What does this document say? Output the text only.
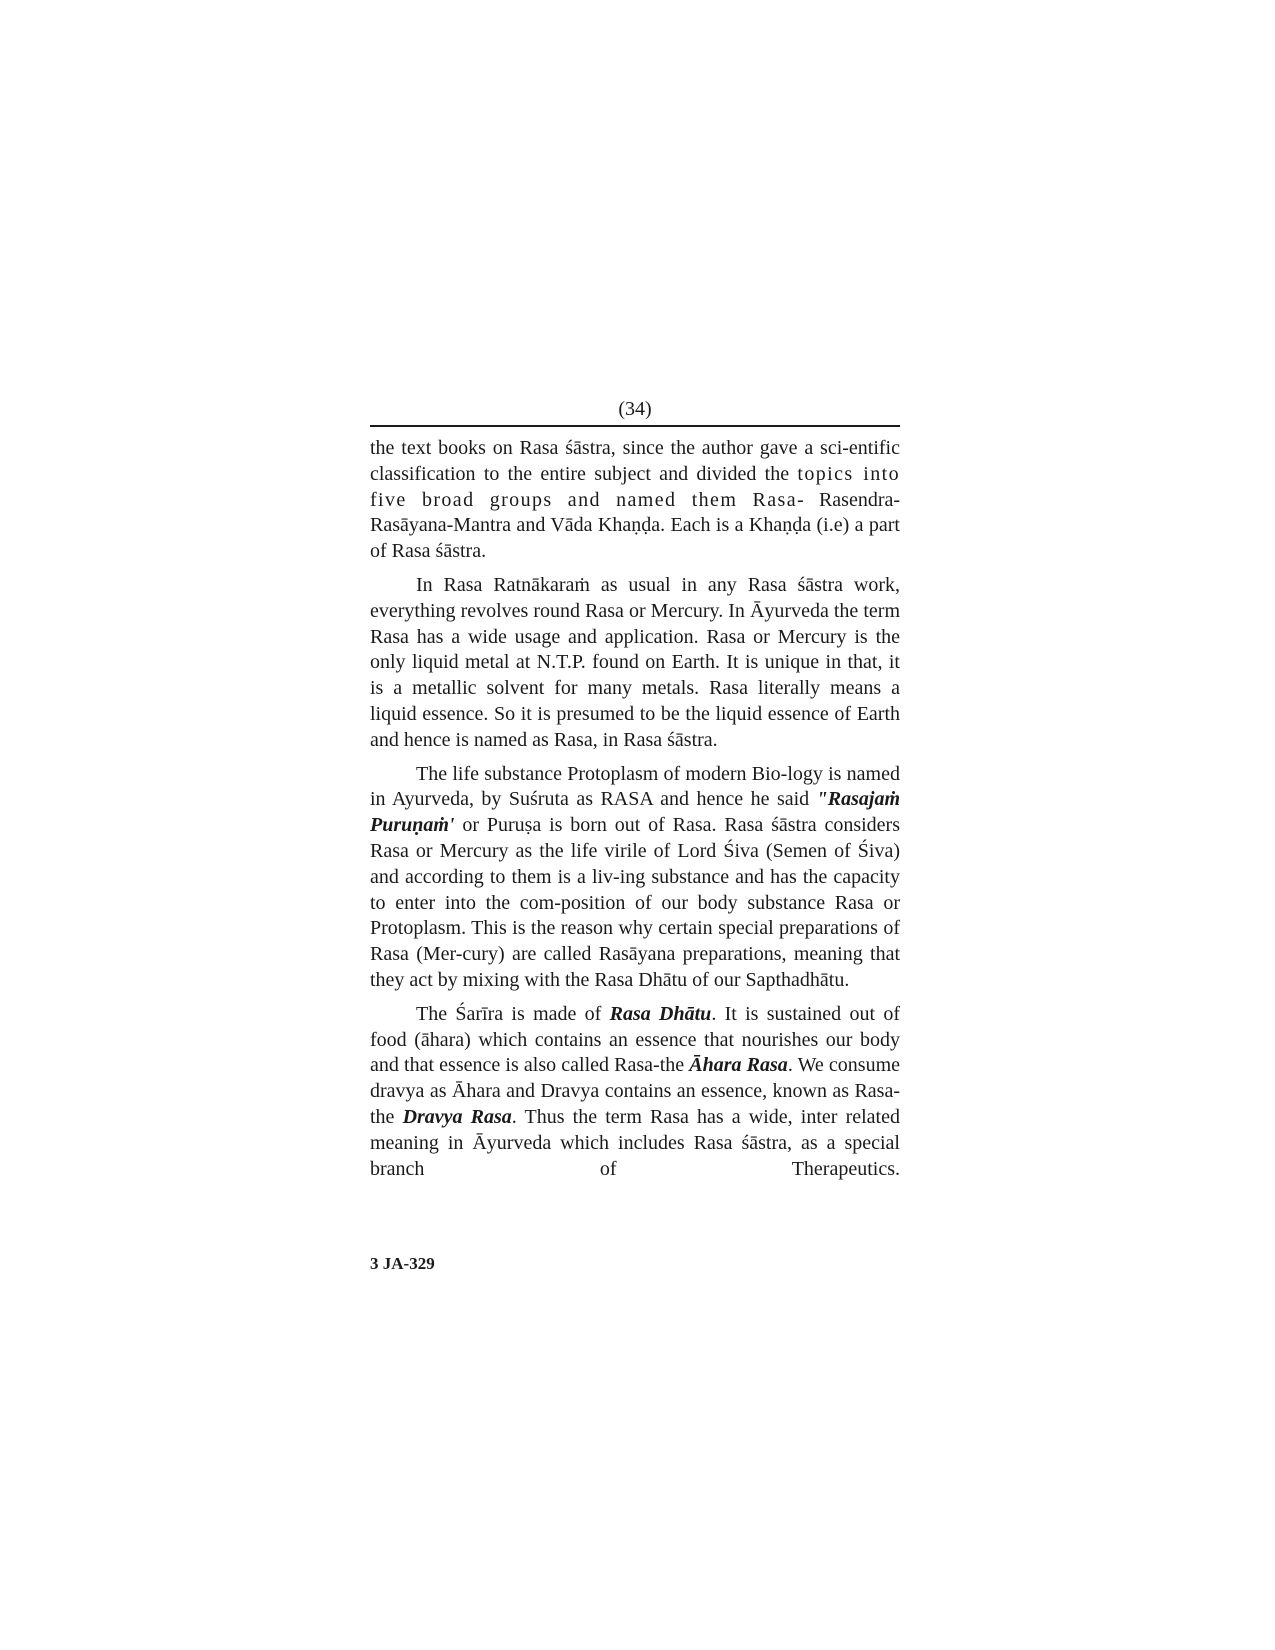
(34)

the text books on Rasa śāstra, since the author gave a sci-entific classification to the entire subject and divided the topics into five broad groups and named them Rasa- Rasendra-Rasāyana-Mantra and Vāda Khaṇḍa. Each is a Khaṇḍa (i.e) a part of Rasa śāstra.

In Rasa Ratnākaraṁ as usual in any Rasa śāstra work, everything revolves round Rasa or Mercury. In Āyurveda the term Rasa has a wide usage and application. Rasa or Mercury is the only liquid metal at N.T.P. found on Earth. It is unique in that, it is a metallic solvent for many metals. Rasa literally means a liquid essence. So it is presumed to be the liquid essence of Earth and hence is named as Rasa, in Rasa śāstra.

The life substance Protoplasm of modern Bio-logy is named in Ayurveda, by Suśruta as RASA and hence he said "Rasajaṁ Puruṇaṁ' or Puruṣa is born out of Rasa. Rasa śāstra considers Rasa or Mercury as the life virile of Lord Śiva (Semen of Śiva) and according to them is a liv-ing substance and has the capacity to enter into the com-position of our body substance Rasa or Protoplasm. This is the reason why certain special preparations of Rasa (Mer-cury) are called Rasāyana preparations, meaning that they act by mixing with the Rasa Dhātu of our Sapthadhātu.

The Śarīra is made of Rasa Dhātu. It is sustained out of food (āhara) which contains an essence that nourishes our body and that essence is also called Rasa-the Āhara Rasa. We consume dravya as Āhara and Dravya contains an essence, known as Rasa-the Dravya Rasa. Thus the term Rasa has a wide, inter related meaning in Āyurveda which includes Rasa śāstra, as a special branch of Therapeutics.

3 JA-329
